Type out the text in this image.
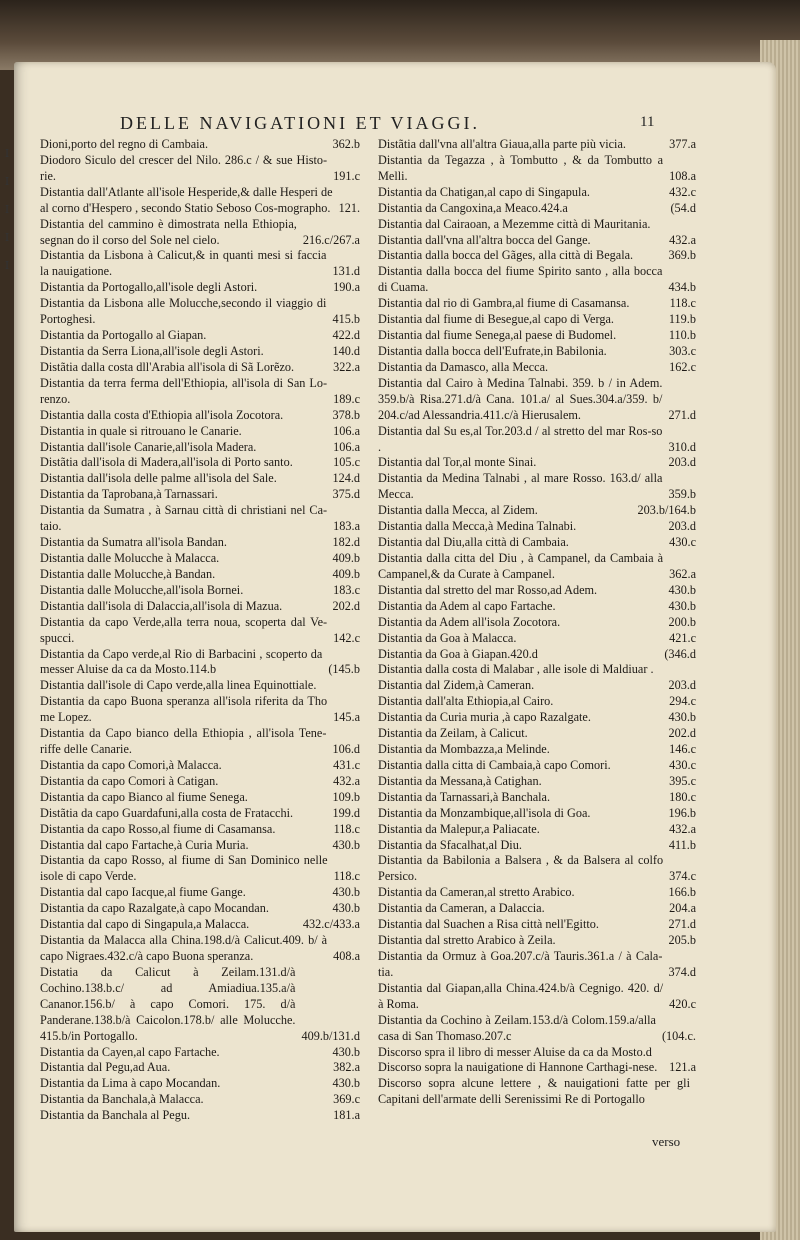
I
I
I
I
I
DELLE NAVIGATIONI ET VIAGGI.	11
Dioni,porto del regno di Cambaia.	362.b
Diodoro Siculo del crescer del Nilo. 286.c / & sue Histo-rie.	191.c
Distantia dall'Atlante all'isole Hesperide,& dalle Hesperi de al corno d'Hespero , secondo Statio Seboso Cos-mographo. 121.
Distantia del cammino è dimostrata nella Ethiopia, segnan do il corso del Sole nel cielo.	216.c/267.a
Distantia da Lisbona à Calicut,& in quanti mesi si faccia la nauigatione.	131.d
Distantia da Portogallo,all'isole degli Astori.	190.a
Distantia da Lisbona alle Molucche,secondo il viaggio di Portoghesi.	415.b
Distantia da Portogallo al Giapan.	422.d
Distantia da Serra Liona,all'isole degli Astori.	140.d
Distãtia dalla costa dll'Arabia all'isola di Sã Lorẽzo.	322.a
Distantia da terra ferma dell'Ethiopia, all'isola di San Lo-renzo.	189.c
Distantia dalla costa d'Ethiopia all'isola Zocotora.	378.b
Distantia in quale si ritrouano le Canarie.	106.a
Distantia dall'isole Canarie,all'isola Madera.	106.a
Distãtia dall'isola di Madera,all'isola di Porto santo.	105.c
Distantia dall'isola delle palme all'isola del Sale.	124.d
Distantia da Taprobana,à Tarnassari.	375.d
Distantia da Sumatra , à Sarnau città di christiani nel Ca-taio.	183.a
Distantia da Sumatra all'isola Bandan.	182.d
Distantia dalle Molucche à Malacca.	409.b
Distantia dalle Molucche,à Bandan.	409.b
Distantia dalle Molucche,all'isola Bornei.	183.c
Distantia dall'isola di Dalaccia,all'isola di Mazua.	202.d
Distantia da capo Verde,alla terra noua, scoperta dal Ve-spucci.	142.c
Distantia da Capo verde,al Rio di Barbacini , scoperto da messer Aluise da ca da Mosto.114.b	(145.b
Distantia dall'isole di Capo verde,alla linea Equinottiale.
Distantia da capo Buona speranza all'isola riferita da Tho me Lopez.	145.a
Distantia da Capo bianco della Ethiopia , all'isola Tene-riffe delle Canarie.	106.d
Distantia da capo Comori,à Malacca.	431.c
Distantia da capo Comori à Catigan.	432.a
Distantia da capo Bianco al fiume Senega.	109.b
Distãtia da capo Guardafuni,alla costa de Fratacchi.	199.d
Distantia da capo Rosso,al fiume di Casamansa.	118.c
Distantia dal capo Fartache,à Curia Muria.	430.b
Distantia da capo Rosso, al fiume di San Dominico nelle isole di capo Verde.	118.c
Distantia dal capo Iacque,al fiume Gange.	430.b
Distantia da capo Razalgate,à capo Mocandan.	430.b
Distantia dal capo di Singapula,a Malacca.	432.c/433.a
Distantia da Malacca alla China.198.d/à Calicut.409. b/ à capo Nigraes.432.c/à capo Buona speranza.	408.a
Distatia da Calicut à Zeilam.131.d/à Cochino.138.b.c/ ad Amiadiua.135.a/à Cananor.156.b/ à capo Comori. 175. d/à Panderane.138.b/à Caicolon.178.b/ alle Molucche. 415.b/in Portogallo.	409.b/131.d
Distantia da Cayen,al capo Fartache.	430.b
Distantia dal Pegu,ad Aua.	382.a
Distantia da Lima à capo Mocandan.	430.b
Distantia da Banchala,à Malacca.	369.c
Distantia da Banchala al Pegu.	181.a
Distãtia dall'vna all'altra Giaua,alla parte più vicia.	377.a
Distantia da Tegazza , à Tombutto , & da Tombutto a Melli.	108.a
Distantia da Chatigan,al capo di Singapula.	432.c
Distantia da Cangoxina,a Meaco.424.a	(54.d
Distantia dal Cairaoan, a Mezemme città di Mauritania.
Distantia dall'vna all'altra bocca del Gange.	432.a
Distantia dalla bocca del Gãges, alla città di Begala.	369.b
Distantia dalla bocca del fiume Spirito santo , alla bocca di Cuama.	434.b
Distantia dal rio di Gambra,al fiume di Casamansa.	118.c
Distantia dal fiume di Besegue,al capo di Verga.	119.b
Distantia dal fiume Senega,al paese di Budomel.	110.b
Distantia dalla bocca dell'Eufrate,in Babilonia.	303.c
Distantia da Damasco, alla Mecca.	162.c
Distantia dal Cairo à Medina Talnabi. 359. b / in Adem. 359.b/à Risa.271.d/à Cana. 101.a/ al Sues.304.a/359. b/ 204.c/ad Alessandria.411.c/à Hierusalem.	271.d
Distantia dal Su es,al Tor.203.d / al stretto del mar Ros-so .	310.d
Distantia dal Tor,al monte Sinai.	203.d
Distantia da Medina Talnabi , al mare Rosso. 163.d/ alla Mecca.	359.b
Distantia dalla Mecca, al Zidem.	203.b/164.b
Distantia dalla Mecca,à Medina Talnabi.	203.d
Distantia dal Diu,alla città di Cambaia.	430.c
Distantia dalla citta del Diu , à Campanel, da Cambaia à Campanel,& da Curate à Campanel.	362.a
Distantia dal stretto del mar Rosso,ad Adem.	430.b
Distantia da Adem al capo Fartache.	430.b
Distantia da Adem all'isola Zocotora.	200.b
Distantia da Goa à Malacca.	421.c
Distantia da Goa à Giapan.420.d	(346.d
Distantia dalla costa di Malabar , alle isole di Maldiuar .
Distantia dal Zidem,à Cameran.	203.d
Distantia dall'alta Ethiopia,al Cairo.	294.c
Distantia da Curia muria ,à capo Razalgate.	430.b
Distantia da Zeilam, à Calicut.	202.d
Distantia da Mombazza,a Melinde.	146.c
Distantia dalla citta di Cambaia,à capo Comori.	430.c
Distantia da Messana,à Catighan.	395.c
Distantia da Tarnassari,à Banchala.	180.c
Distantia da Monzambique,all'isola di Goa.	196.b
Distantia da Malepur,a Paliacate.	432.a
Distantia da Sfacalhat,al Diu.	411.b
Distantia da Babilonia a Balsera , & da Balsera al colfo Persico.	374.c
Distantia da Cameran,al stretto Arabico.	166.b
Distantia da Cameran, a Dalaccia.	204.a
Distantia dal Suachen a Risa città nell'Egitto.	271.d
Distantia dal stretto Arabico à Zeila.	205.b
Distantia da Ormuz à Goa.207.c/à Tauris.361.a / à Cala-tia.	374.d
Distantia dal Giapan,alla China.424.b/à Cegnigo. 420. d/ à Roma.	420.c
Distantia da Cochino à Zeilam.153.d/à Colom.159.a/alla casa di San Thomaso.207.c	(104.c.
Discorso spra il libro di messer Aluise da ca da Mosto.d
Discorso sopra la nauigatione di Hannone Carthagi-nese. 121.a
Discorso sopra alcune lettere , & nauigationi fatte per gli Capitani dell'armate delli Serenissimi Re di Portogallo
verso
